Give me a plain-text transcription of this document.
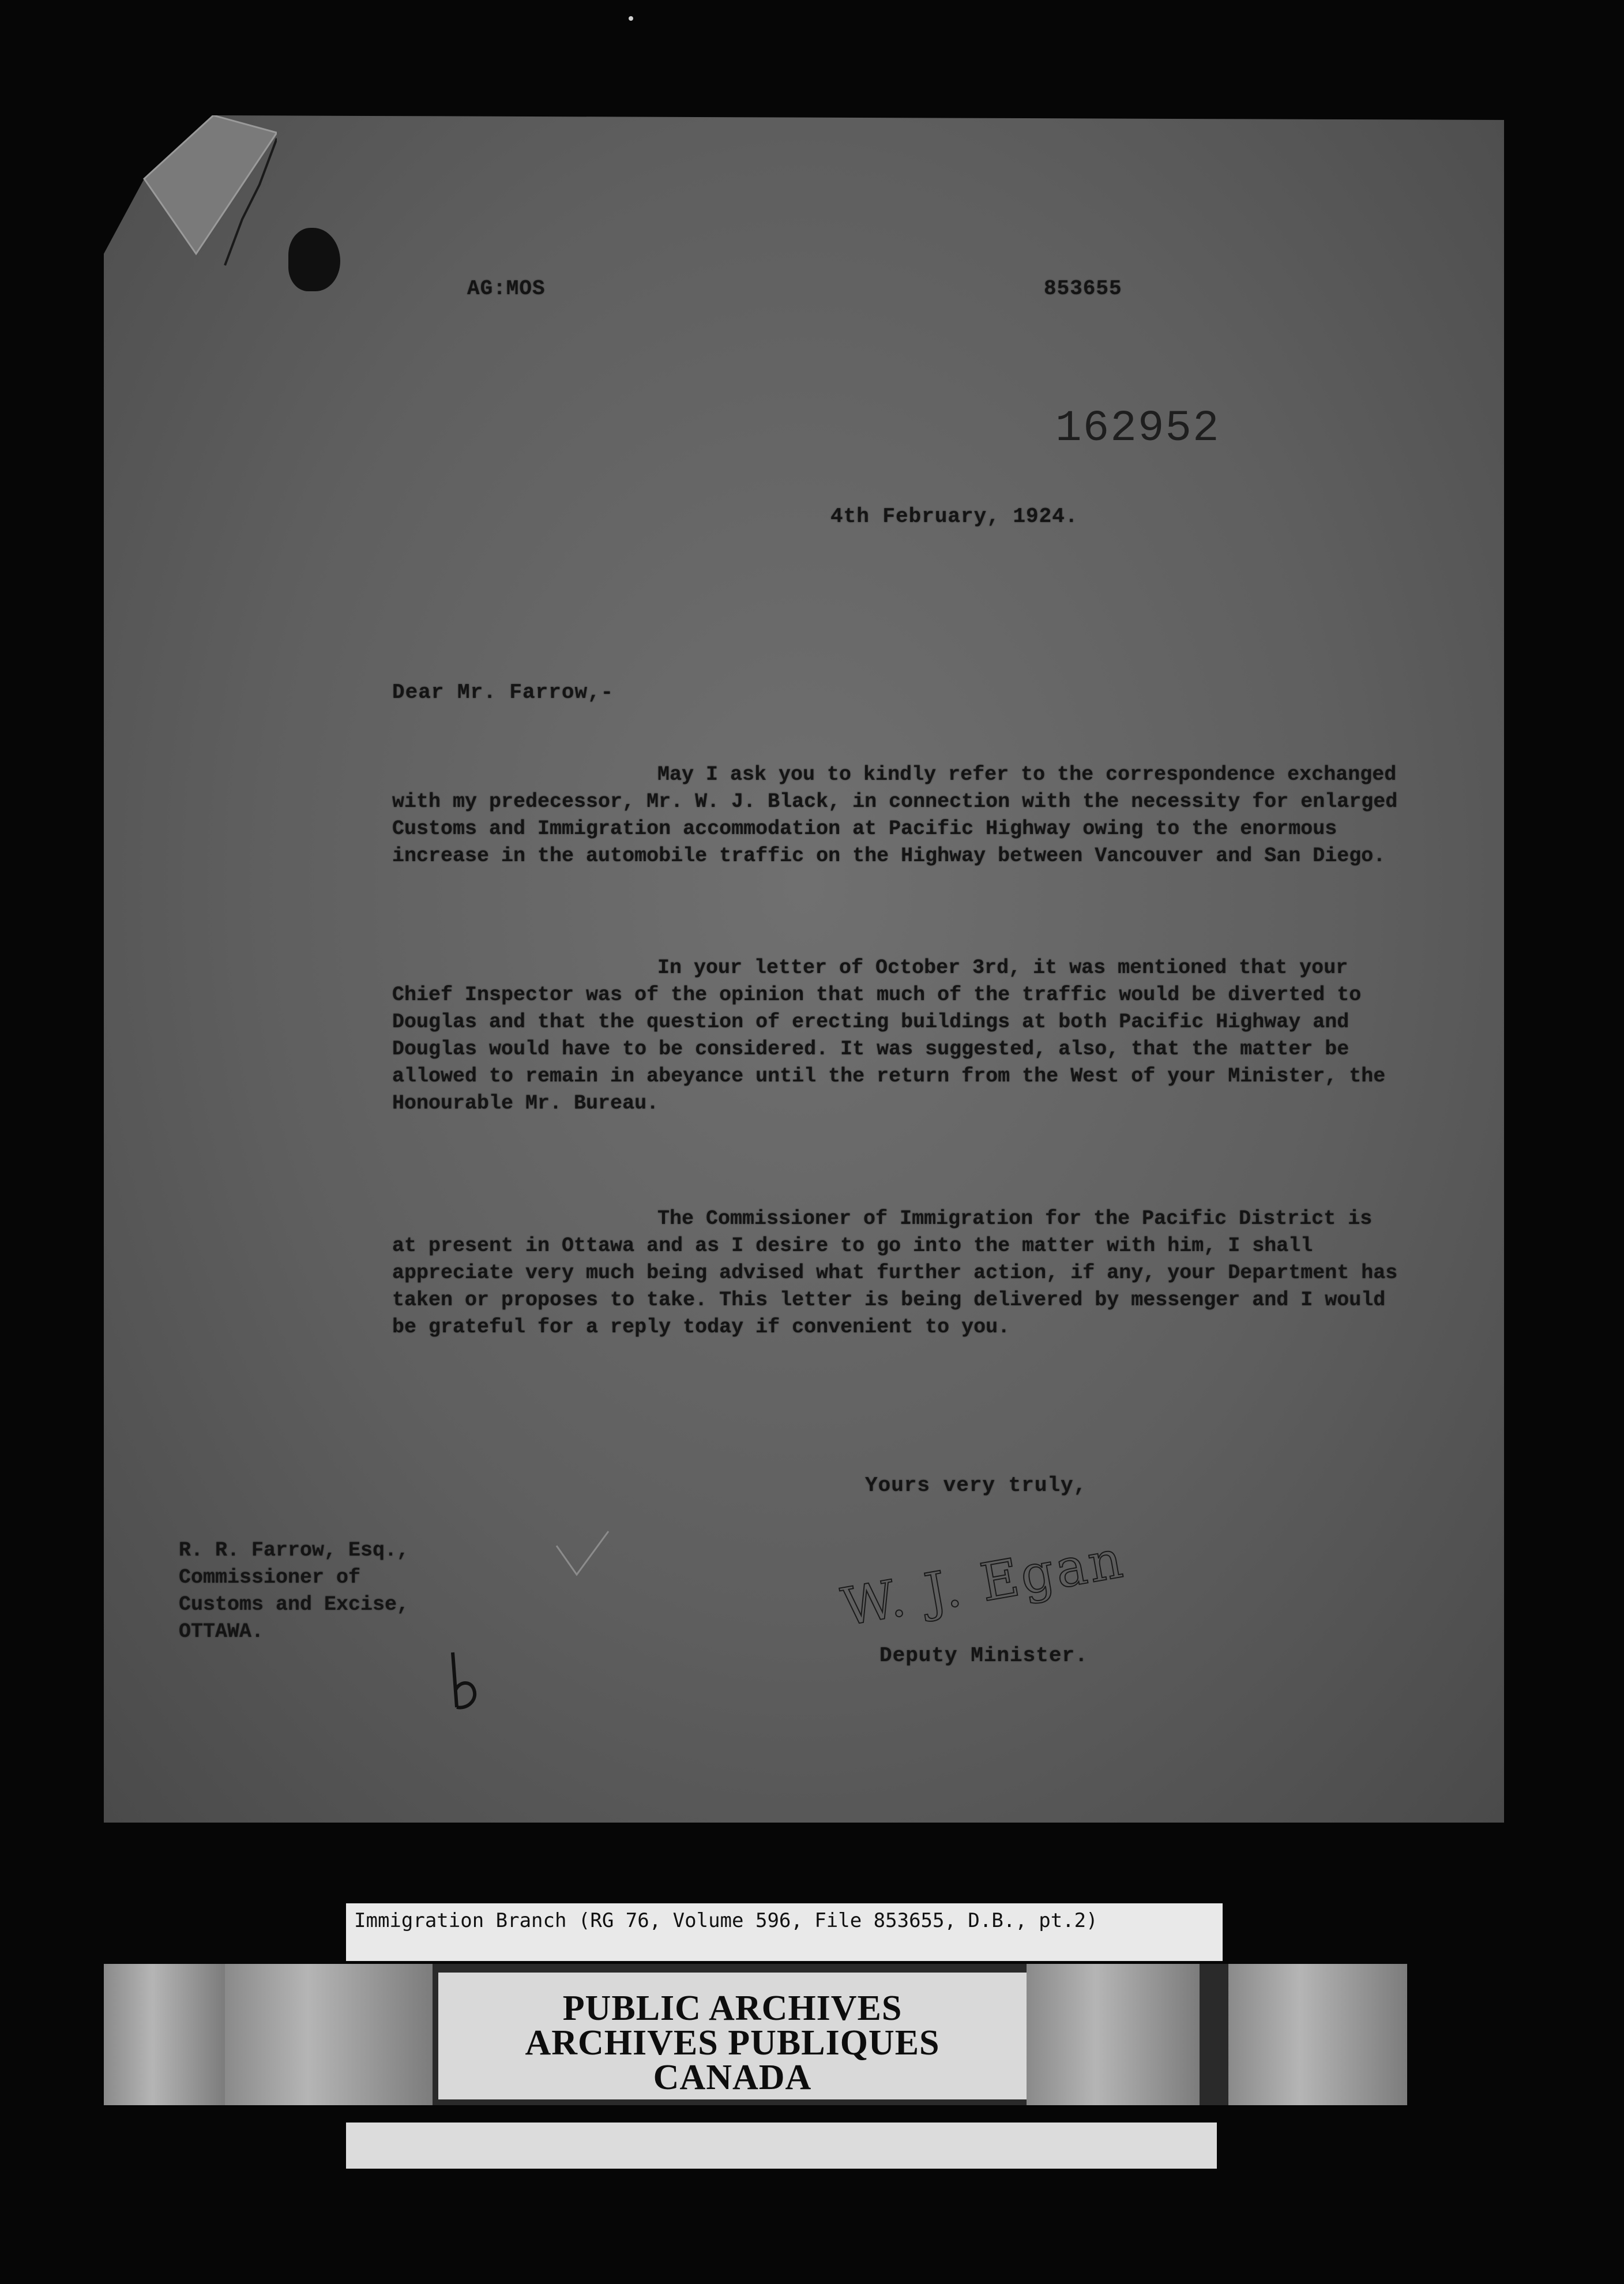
AG:MOS	853655
162952
4th February, 1924.
Dear Mr. Farrow,-
May I ask you to kindly refer to the correspondence exchanged with my predecessor, Mr. W. J. Black, in connection with the necessity for enlarged Customs and Immigration accommodation at Pacific Highway owing to the enormous increase in the automobile traffic on the Highway between Vancouver and San Diego.
In your letter of October 3rd, it was mentioned that your Chief Inspector was of the opinion that much of the traffic would be diverted to Douglas and that the question of erecting buildings at both Pacific Highway and Douglas would have to be considered. It was suggested, also, that the matter be allowed to remain in abeyance until the return from the West of your Minister, the Honourable Mr. Bureau.
The Commissioner of Immigration for the Pacific District is at present in Ottawa and as I desire to go into the matter with him, I shall appreciate very much being advised what further action, if any, your Department has taken or proposes to take. This letter is being delivered by messenger and I would be grateful for a reply today if convenient to you.
Yours very truly,
R. R. Farrow, Esq.,
Commissioner of
Customs and Excise,
OTTAWA.	W. J. Egan
Deputy Minister.
Immigration Branch (RG 76, Volume 596, File 853655, D.B., pt.2)
PUBLIC ARCHIVES
ARCHIVES PUBLIQUES
CANADA
